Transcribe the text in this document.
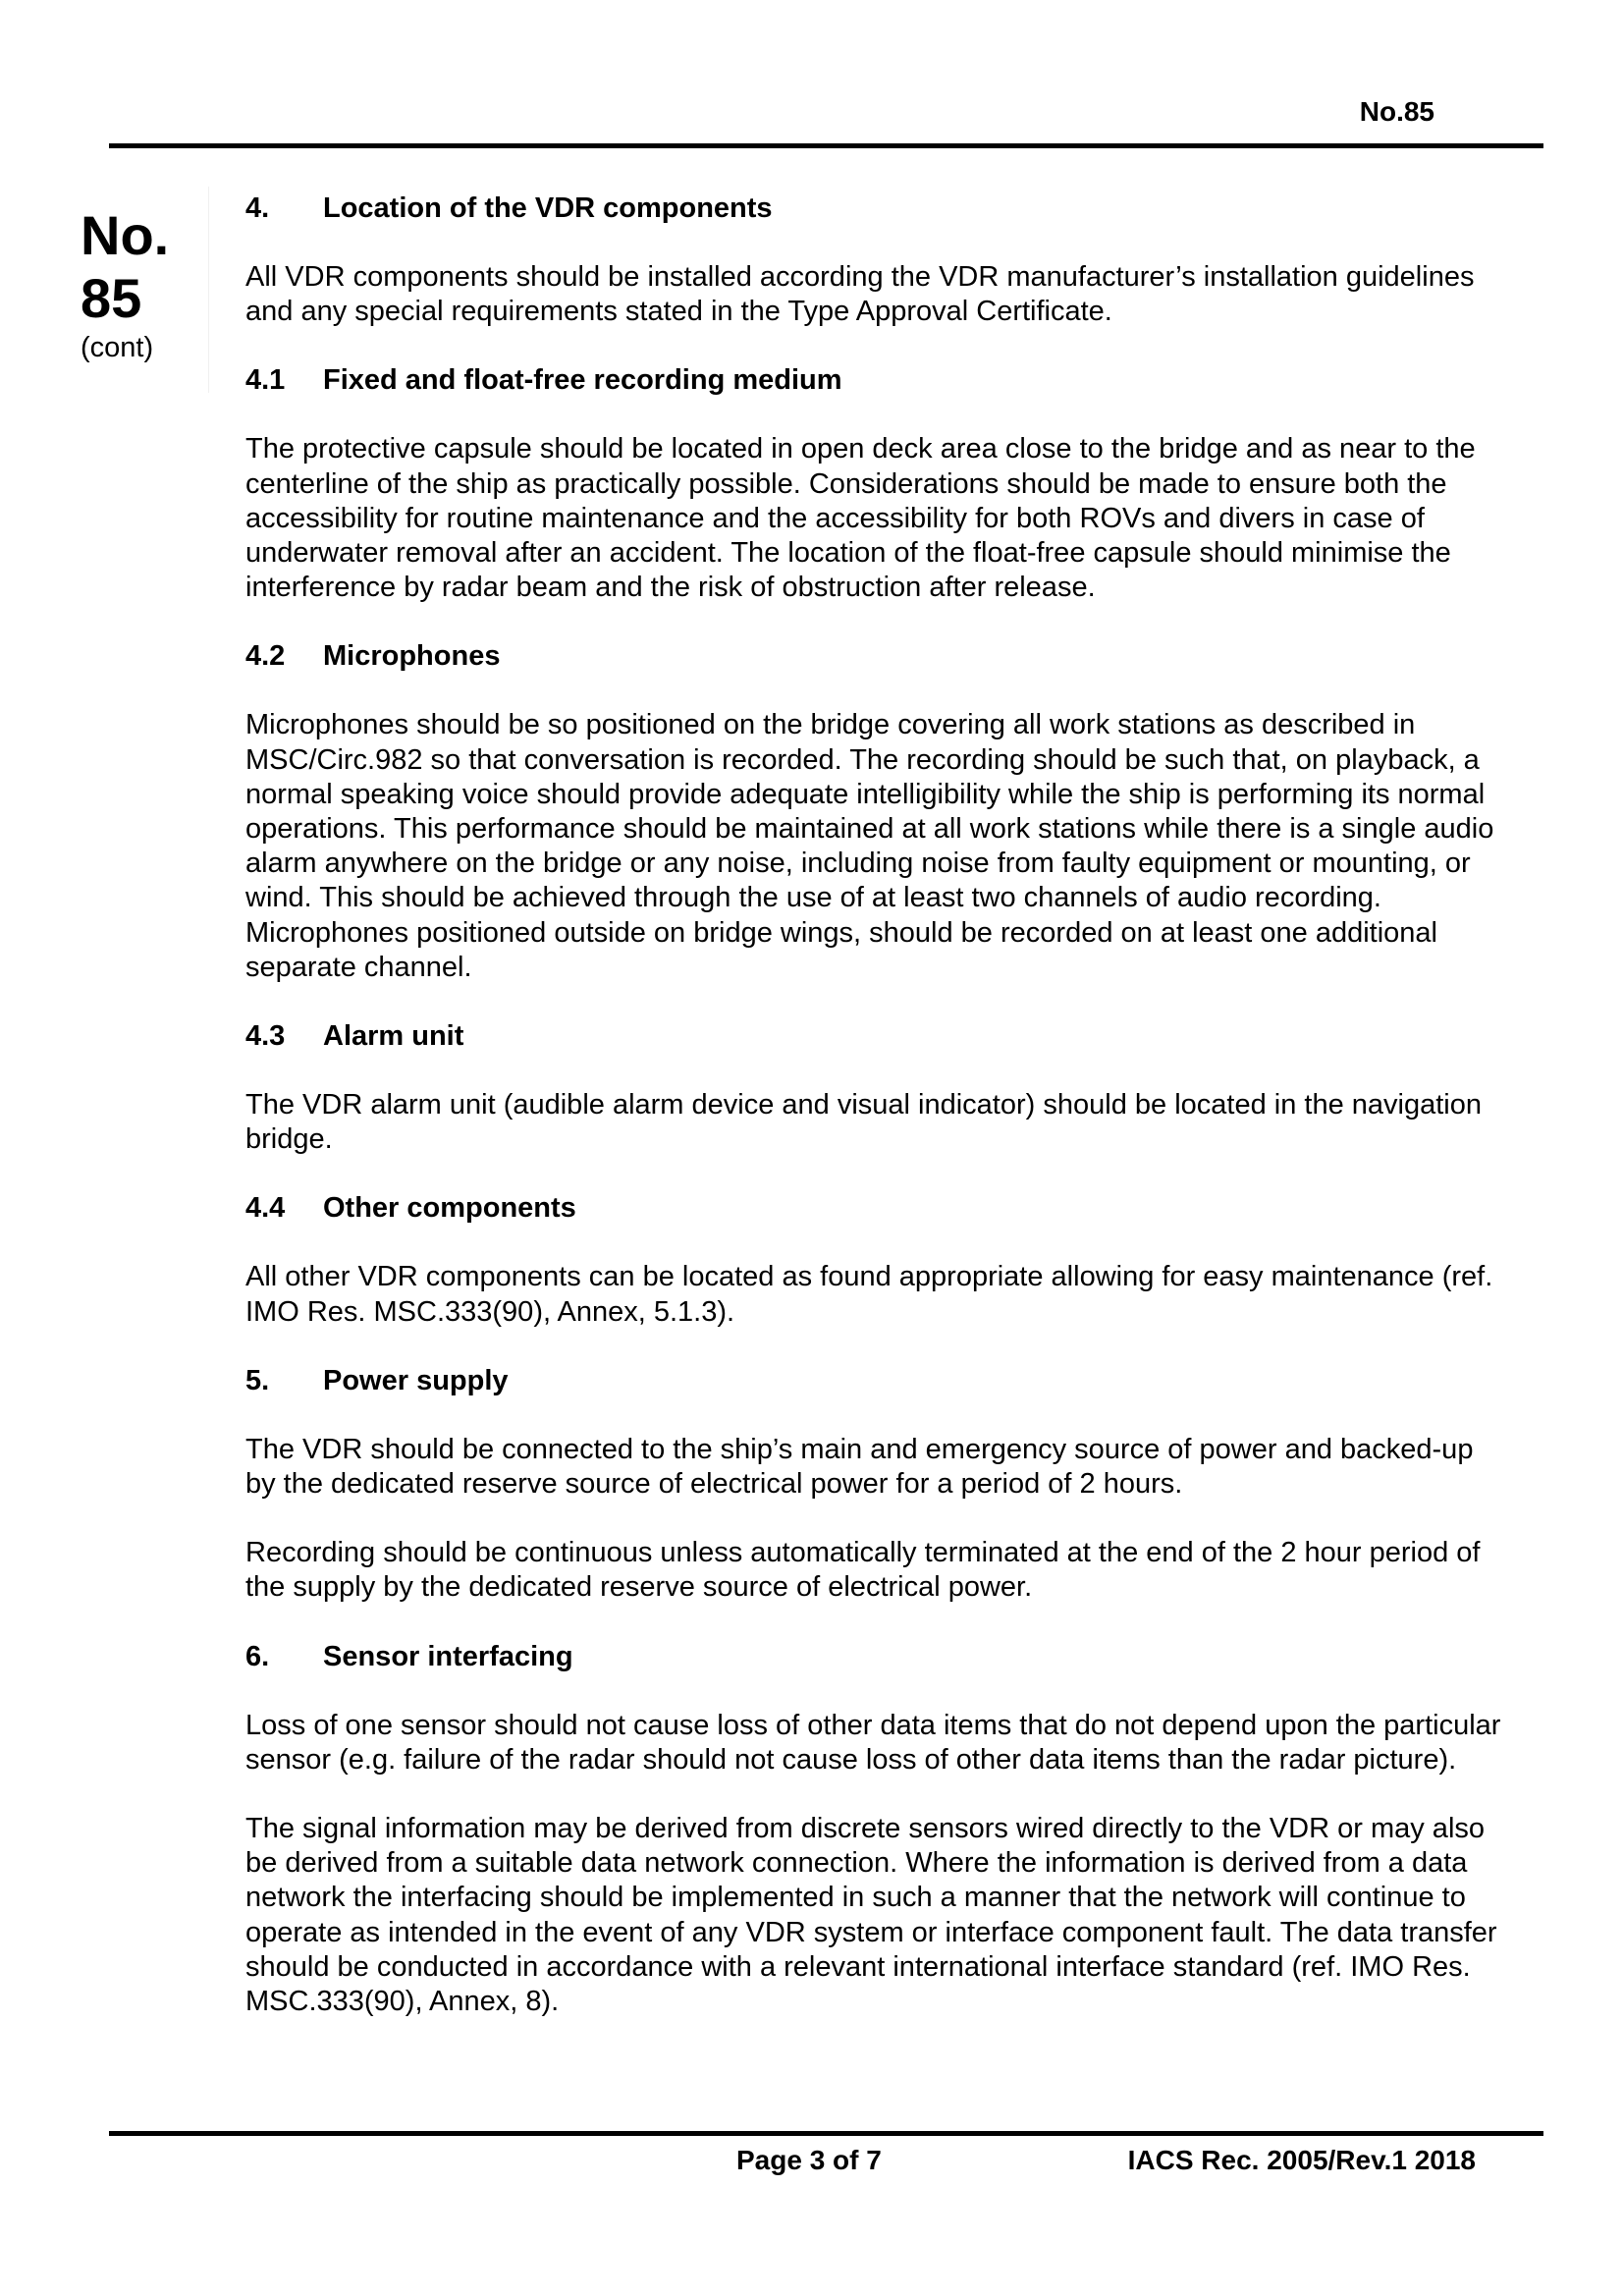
No.85
No.
85
(cont)
4. Location of the VDR components

All VDR components should be installed according the VDR manufacturer’s installation guidelines and any special requirements stated in the Type Approval Certificate.

4.1 Fixed and float-free recording medium

The protective capsule should be located in open deck area close to the bridge and as near to the centerline of the ship as practically possible. Considerations should be made to ensure both the accessibility for routine maintenance and the accessibility for both ROVs and divers in case of underwater removal after an accident. The location of the float-free capsule should minimise the interference by radar beam and the risk of obstruction after release.

4.2 Microphones

Microphones should be so positioned on the bridge covering all work stations as described in MSC/Circ.982 so that conversation is recorded. The recording should be such that, on playback, a normal speaking voice should provide adequate intelligibility while the ship is performing its normal operations. This performance should be maintained at all work stations while there is a single audio alarm anywhere on the bridge or any noise, including noise from faulty equipment or mounting, or wind. This should be achieved through the use of at least two channels of audio recording. Microphones positioned outside on bridge wings, should be recorded on at least one additional separate channel.

4.3 Alarm unit

The VDR alarm unit (audible alarm device and visual indicator) should be located in the navigation bridge.

4.4 Other components

All other VDR components can be located as found appropriate allowing for easy maintenance (ref. IMO Res. MSC.333(90), Annex, 5.1.3).

5. Power supply

The VDR should be connected to the ship’s main and emergency source of power and backed-up by the dedicated reserve source of electrical power for a period of 2 hours.

Recording should be continuous unless automatically terminated at the end of the 2 hour period of the supply by the dedicated reserve source of electrical power.

6. Sensor interfacing

Loss of one sensor should not cause loss of other data items that do not depend upon the particular sensor (e.g. failure of the radar should not cause loss of other data items than the radar picture).

The signal information may be derived from discrete sensors wired directly to the VDR or may also be derived from a suitable data network connection. Where the information is derived from a data network the interfacing should be implemented in such a manner that the network will continue to operate as intended in the event of any VDR system or interface component fault. The data transfer should be conducted in accordance with a relevant international interface standard (ref. IMO Res. MSC.333(90), Annex, 8).

Page 3 of 7	IACS Rec. 2005/Rev.1 2018
